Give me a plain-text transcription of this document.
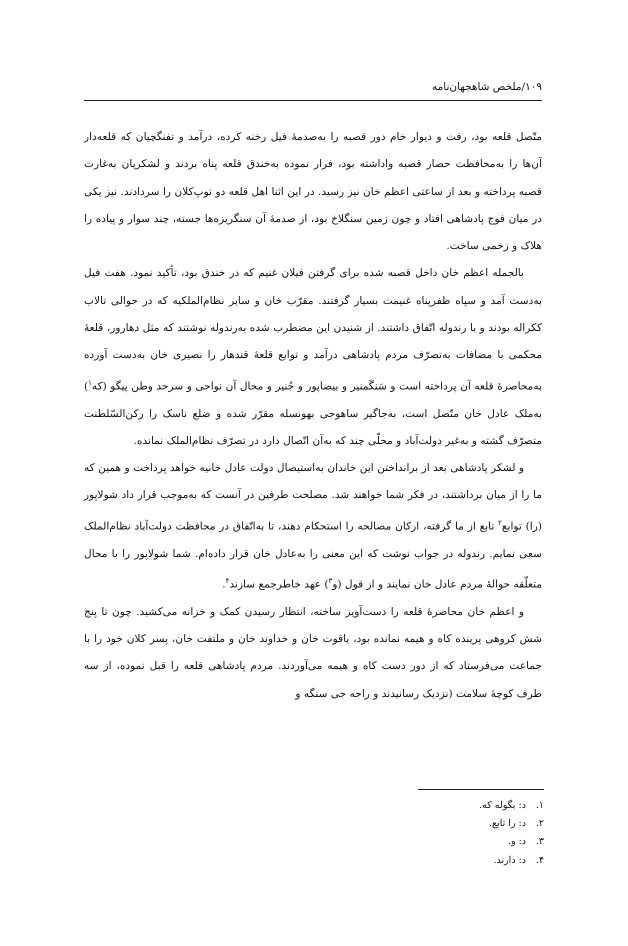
۱۰۹/ملخص شاهجهان‌نامه

متّصل قلعه بود، رفت و دیوار خام دور قصبه را به‌صدمهٔ فیل رخنه کرده، درآمد و تفنگچیان که قلعه‌دار آن‌ها را به‌محافظت حصار قصبه واداشته بود، فرار نموده به‌خندق قلعه پناه بردند و لشکریان به‌غارت قصبه پرداخته و بعد از ساعتی اعظم خان نیز رسید. در این اثنا اهل قلعه دو توپ‌کلان را سردادند. نیز یکی در میان فوج پادشاهی افتاد و چون زمین سنگلاخ بود، از صدمهٔ آن سنگریزه‌ها جسته، چند سوار و پیاده را هلاک و زخمی ساخت.

بالجمله اعظم خان داخل قصبه شده برای گرفتن فیلان غنیم که در خندق بود، تأکید نمود. هفت فیل به‌دست آمد و سپاه ظفرپناه غنیمت بسیار گرفتند. مقرّب خان و سایر نظام‌الملکیه که در حوالی تالاب ککراله بودند و با رندوله اتّفاق داشتند. از شنیدن این مضطرب شده به‌رندوله نوشتند که مثل دهارور، قلعهٔ محکمی با مضافات به‌تصرّف مردم پادشاهی درآمد و توابع قلعهٔ قندهار را نصیری خان به‌دست آورده به‌محاصرهٔ قلعه آن پرداخته است و سَنگَمنیر و بیضاپور و جُنیر و محال آن نواحی و سرحد وطن پیگو (که$^۱$) به‌ملک عادل خان متّصل است، به‌جاگیر ساهوجی بهونسله مقرّر شده و ضلع ناسک را رکن‌السّلطنت متصرّف گشته و به‌غیر دولت‌آباد و محلّی چند که به‌آن اتّصال دارد در تصرّف نظام‌الملک نمانده.

و لشکر پادشاهی بعد از برانداختن این خاندان به‌استیصال دولت عادل خانیه خواهد پرداخت و همین که ما را از میان برداشتند، در فکر شما خواهند شد. مصلحت طرفین در آنست که به‌موجب قرار داد شولاپور (را) توابع$^۲$ تابع از ما گرفته، ارکان مصالحه را استحکام دهند، تا به‌اتّفاق در محافظت دولت‌آباد نظام‌الملک سعی نمایم. رندوله در جواب نوشت که این معنی را به‌عادل خان قرار داده‌ام. شما شولاپور را با محال متعلّقه حوالهٔ مردم عادل خان نمایند و از قول (و$^۳$) عهد خاطرجمع سازند$^۴$.

و اعظم خان محاصرهٔ قلعه را دست‌آویز ساخته، انتظار رسیدن کمک و خزانه می‌کشید. چون تا پنج شش کروهی پرینده کاه و هیمه نمانده بود، یاقوت خان و خداوند خان و ملتفت خان، پسر کلان خود را با جماعت می‌فرستاد که از دور دست کاه و هیمه می‌آوردند. مردم پادشاهی قلعه را قبل نموده، از سه طرف کوچهٔ سلامت (نزدیک رسانیدند و راجه جی سنگه و

۱.
د: بگوله که.
۲.
د: را تابع.
۳.
د: و.
۴.
د: دارند.
